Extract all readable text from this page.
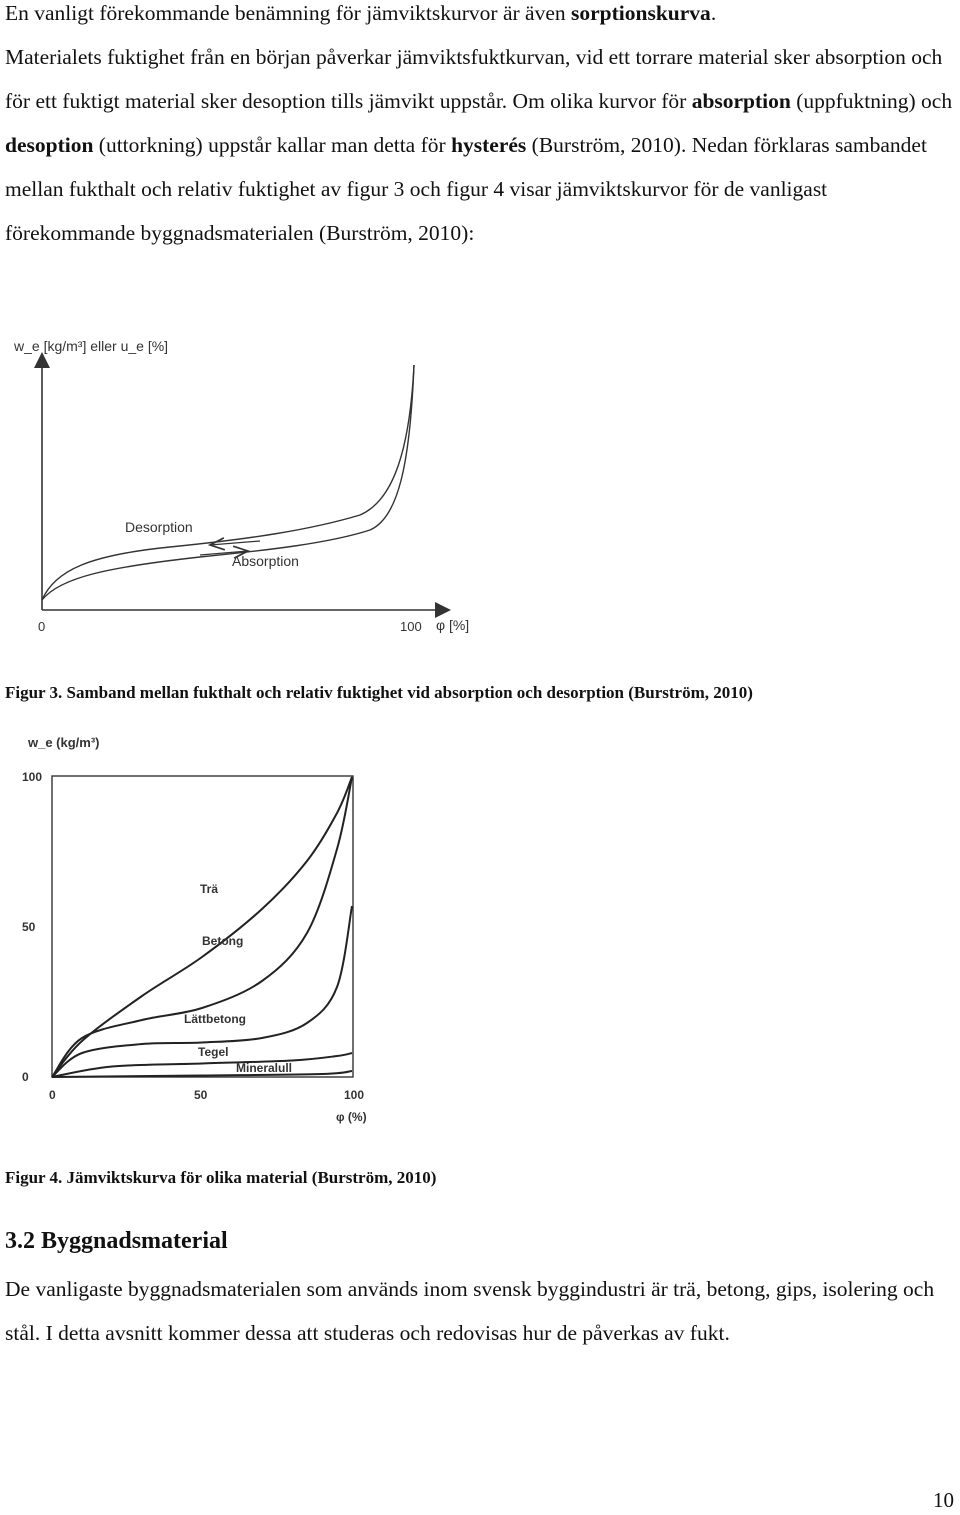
En vanligt förekommande benämning för jämviktskurvor är även sorptionskurva.
Materialets fuktighet från en början påverkar jämviktsfuktkurvan, vid ett torrare material sker absorption och för ett fuktigt material sker desoption tills jämvikt uppstår. Om olika kurvor för absorption (uppfuktning) och desoption (uttorkning) uppstår kallar man detta för hysterés (Burström, 2010). Nedan förklaras sambandet mellan fukthalt och relativ fuktighet av figur 3 och figur 4 visar jämviktskurvor för de vanligast förekommande byggnadsmaterialen (Burström, 2010):

w_e [kg/m³] eller u_e [%]
φ [%]
0	100
Desorption
Absorption

Figur 3. Samband mellan fukthalt och relativ fuktighet vid absorption och desorption (Burström, 2010)

w_e (kg/m³)
φ (%)
0	50	100
0
50
100
Trä
Betong
Lättbetong
Tegel
Mineralull

Figur 4. Jämviktskurva för olika material (Burström, 2010)

3.2 Byggnadsmaterial

De vanligaste byggnadsmaterialen som används inom svensk byggindustri är trä, betong, gips, isolering och stål. I detta avsnitt kommer dessa att studeras och redovisas hur de påverkas av fukt.

10
